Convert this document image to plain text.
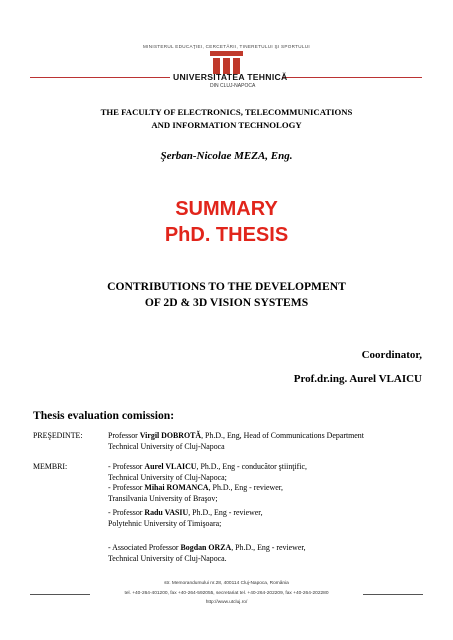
MINISTERUL EDUCAŢIEI, CERCETĂRII, TINERETULUI ŞI SPORTULUI
UNIVERSITATEA TEHNICĂ
DIN CLUJ-NAPOCA
THE FACULTY OF ELECTRONICS, TELECOMMUNICATIONS
AND INFORMATION TECHNOLOGY
Şerban-Nicolae MEZA, Eng.
SUMMARY
PhD. THESIS
CONTRIBUTIONS TO THE DEVELOPMENT
OF 2D & 3D VISION SYSTEMS
Coordinator,
Prof.dr.ing. Aurel VLAICU
Thesis evaluation comission:
PREŞEDINTE:	Professor Virgil DOBROTĂ, Ph.D., Eng, Head of Communications Department
Technical University of Cluj-Napoca
MEMBRI:	- Professor Aurel VLAICU, Ph.D., Eng - conducător ştiinţific,
Technical University of Cluj-Napoca;
- Professor Mihai ROMANCA, Ph.D., Eng - reviewer,
Transilvania University of Braşov;
- Professor Radu VASIU, Ph.D., Eng - reviewer,
Polytehnic University of Timişoara;
- Associated Professor Bogdan ORZA, Ph.D., Eng - reviewer,
Technical University of Cluj-Napoca.
str. Memorandumului nr.28, 400114 Cluj-Napoca, România
tel. +40-264-401200, fax +40-264-592055, secretariat tel. +40-264-202209, fax +40-264-202280
http://www.utcluj.ro/
